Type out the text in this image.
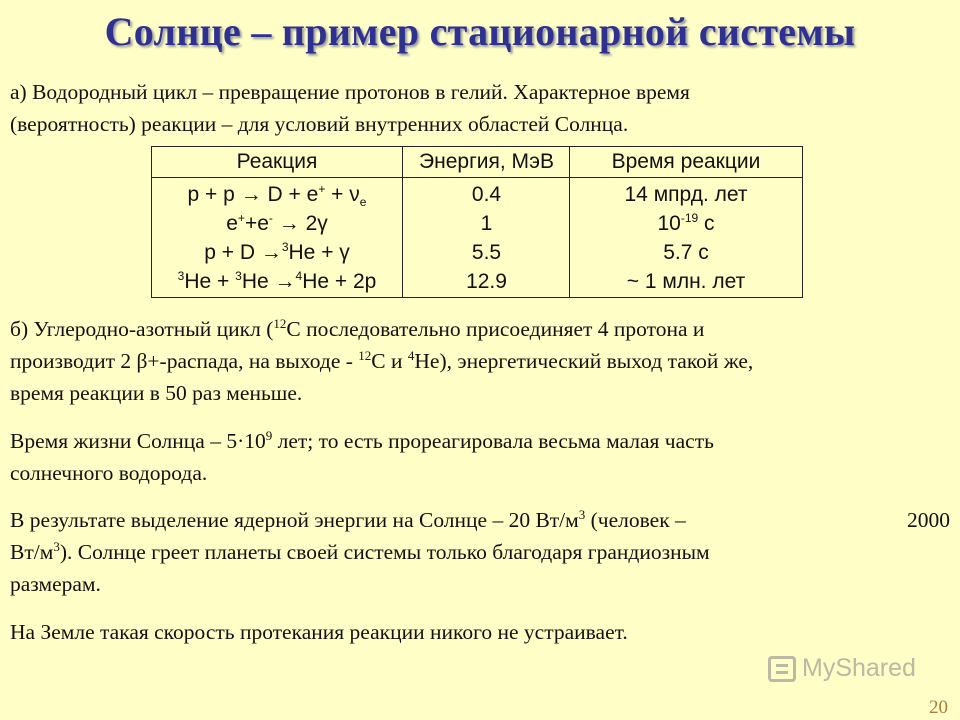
Солнце – пример стационарной системы
а) Водородный цикл – превращение протонов в гелий. Характерное время
(вероятность) реакции – для условий внутренних областей Солнца.
Реакция
$p + p \to D + e^+ + \nu_e$
e++e- → 2γ
p + D →$^3$He + γ
$^3$He + $^3$He →$^4$He + 2p
Энергия, МэВ
0.4
1
5.5
12.9
Время реакции
14 мпрд. лет
$10^{-19}$ с
5.7 с
~ 1 млн. лет
б) Углеродно-азотный цикл ($^{12}$C последовательно присоединяет 4 протона и
производит 2 β+-распада, на выходе - $^{12}$C и $^4$He), энергетический выход такой же,
время реакции в 50 раз меньше.
Время жизни Солнца – $5\cdot 10^9$ лет; то есть прореагировала весьма малая часть
солнечного водорода.
В результате выделение ядерной энергии на Солнце – 20 $Вт/м^3$ (человек –	2000
$Вт/м^3$). Солнце греет планеты своей системы только благодаря грандиозным
размерам.
На Земле такая скорость протекания реакции никого не устраивает.
MyShared
20
